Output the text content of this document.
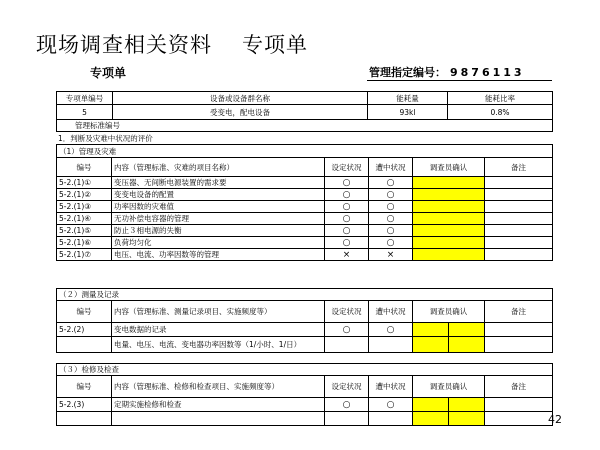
现场调查相关资料 专项单
专项单	管理指定编号： 9876113
专项单编号	设备或设备群名称	能耗量	能耗比率
5	受变电，配电设备	93kl	0.8%
管理标准编号			
1．判断及灾难中状况的评价
（1）管理及灾难					
编号	内容（管理标准、灾难的项目名称）	设定状况	遭中状况	调查员确认	备注
5-2.(1)①	变压器、无间断电源装置的需求要	○	○		
5-2.(1)②	变变电设备的配置	○	○		
5-2.(1)③	功率因数的灾难值	○	○		
5-2.(1)④	无功补偿电容器的管理	○	○		
5-2.(1)⑤	防止３相电源的失衡	○	○		
5-2.(1)⑥	负荷均匀化	○	○		
5-2.(1)⑦	电压、电流、功率因数等的管理	×	×		
（２）测量及记录						
编号	内容（管理标准、测量记录项目、实施频度等）	设定状况	遭中状况	调查员确认		备注
5-2.(2)	变电数据的记录	○	○			
	电量、电压、电流、变电器功率因数等（1/小时、1/日）					
（３）检修及检查						
编号	内容（管理标准、检修和检查项目、实施频度等）	设定状况	遭中状况	调查员确认		备注
5-2.(3)	定期实施检修和检查	○	○			

42
